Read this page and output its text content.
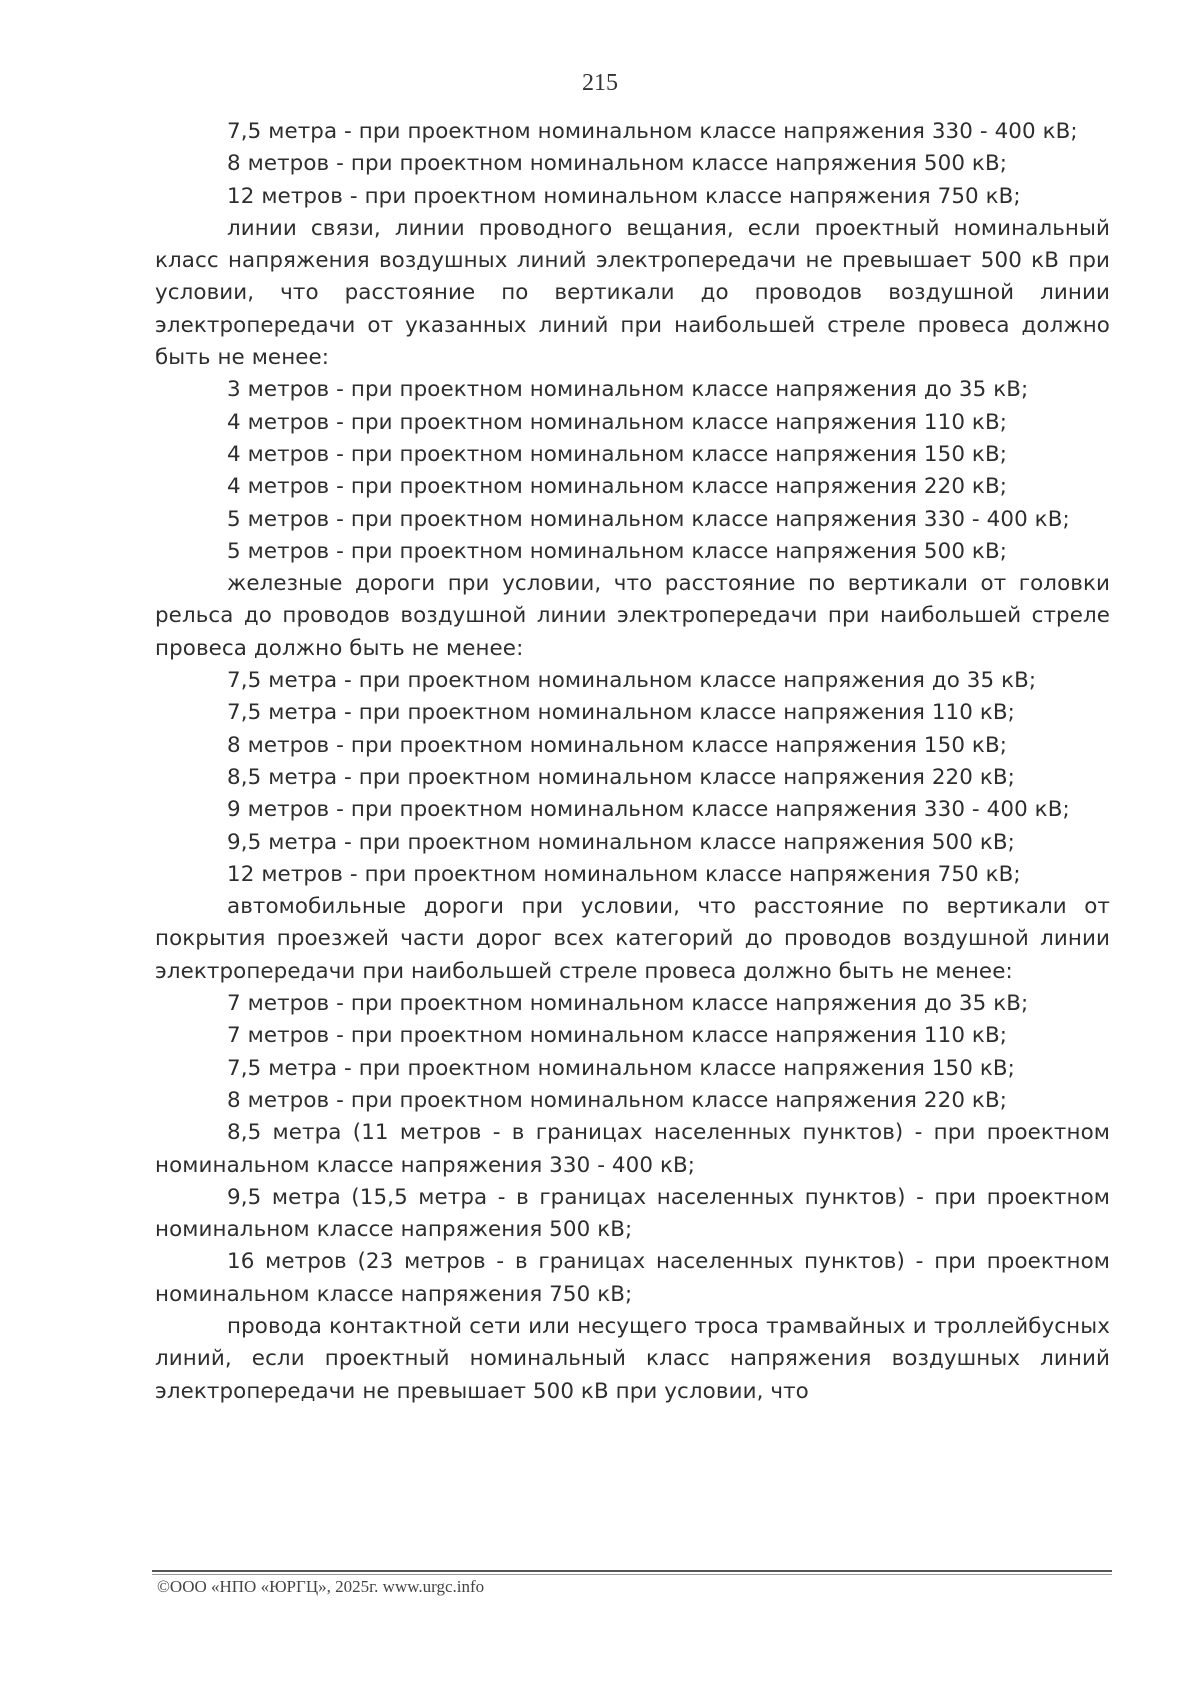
215

7,5 метра - при проектном номинальном классе напряжения 330 - 400 кВ;

8 метров - при проектном номинальном классе напряжения 500 кВ;

12 метров - при проектном номинальном классе напряжения 750 кВ;

линии связи, линии проводного вещания, если проектный номинальный класс напряжения воздушных линий электропередачи не превышает 500 кВ при условии, что расстояние по вертикали до проводов воздушной линии электропередачи от указанных линий при наибольшей стреле провеса должно быть не менее:

3 метров - при проектном номинальном классе напряжения до 35 кВ;

4 метров - при проектном номинальном классе напряжения 110 кВ;

4 метров - при проектном номинальном классе напряжения 150 кВ;

4 метров - при проектном номинальном классе напряжения 220 кВ;

5 метров - при проектном номинальном классе напряжения 330 - 400 кВ;

5 метров - при проектном номинальном классе напряжения 500 кВ;

железные дороги при условии, что расстояние по вертикали от головки рельса до проводов воздушной линии электропередачи при наибольшей стреле провеса должно быть не менее:

7,5 метра - при проектном номинальном классе напряжения до 35 кВ;

7,5 метра - при проектном номинальном классе напряжения 110 кВ;

8 метров - при проектном номинальном классе напряжения 150 кВ;

8,5 метра - при проектном номинальном классе напряжения 220 кВ;

9 метров - при проектном номинальном классе напряжения 330 - 400 кВ;

9,5 метра - при проектном номинальном классе напряжения 500 кВ;

12 метров - при проектном номинальном классе напряжения 750 кВ;

автомобильные дороги при условии, что расстояние по вертикали от покрытия проезжей части дорог всех категорий до проводов воздушной линии электропередачи при наибольшей стреле провеса должно быть не менее:

7 метров - при проектном номинальном классе напряжения до 35 кВ;

7 метров - при проектном номинальном классе напряжения 110 кВ;

7,5 метра - при проектном номинальном классе напряжения 150 кВ;

8 метров - при проектном номинальном классе напряжения 220 кВ;

8,5 метра (11 метров - в границах населенных пунктов) - при проектном номинальном классе напряжения 330 - 400 кВ;

9,5 метра (15,5 метра - в границах населенных пунктов) - при проектном номинальном классе напряжения 500 кВ;

16 метров (23 метров - в границах населенных пунктов) - при проектном номинальном классе напряжения 750 кВ;

провода контактной сети или несущего троса трамвайных и троллейбусных линий, если проектный номинальный класс напряжения воздушных линий электропередачи не превышает 500 кВ при условии, что

©ООО «НПО «ЮРГЦ», 2025г. www.urgc.info
